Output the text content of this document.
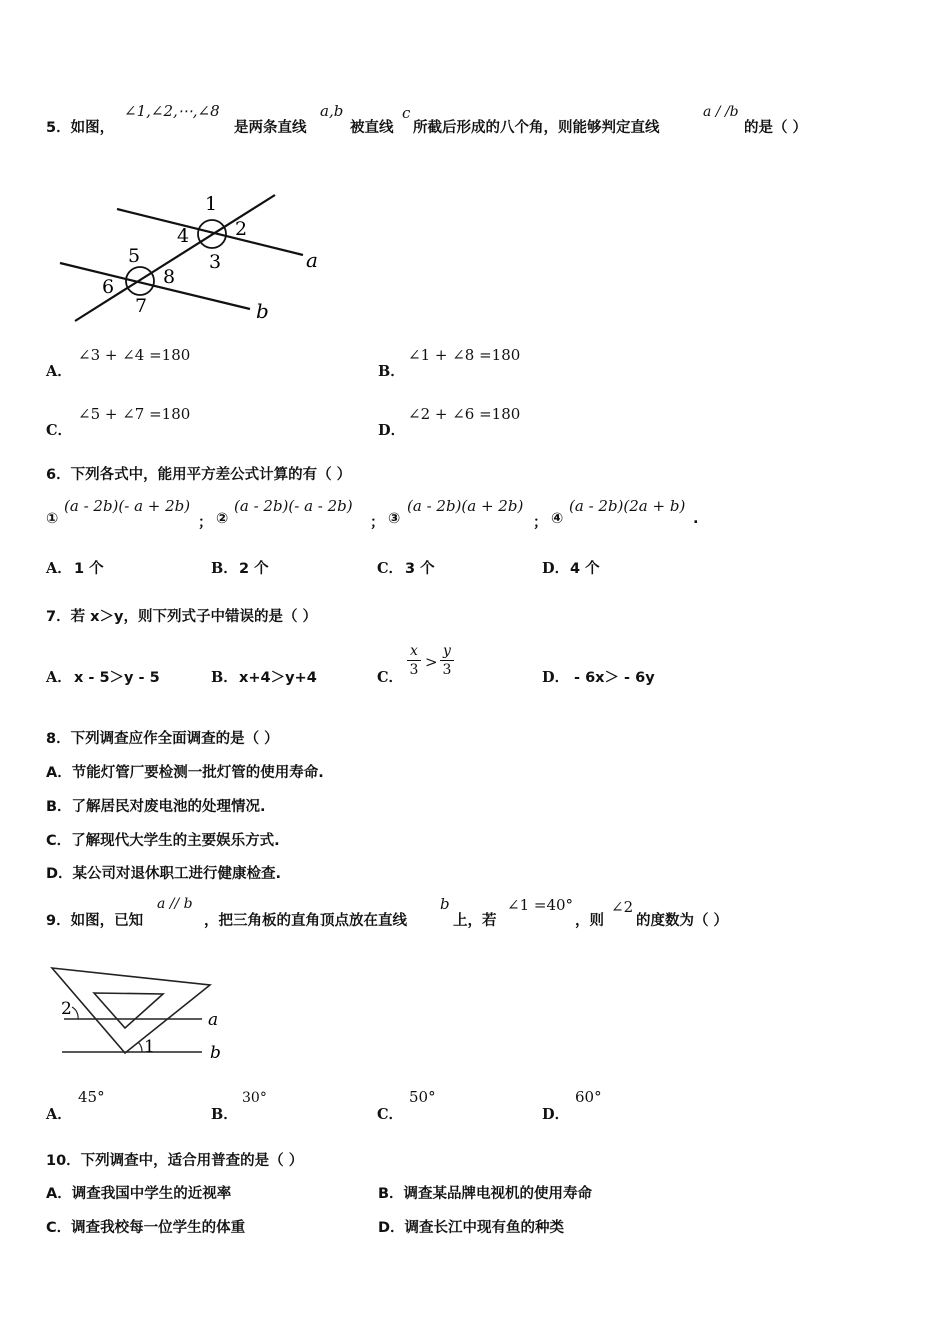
5．如图，
∠1,∠2,⋯,∠8
是两条直线
a,b
被直线
c
所截后形成的八个角，则能够判定直线
a / /b
的是（ ）
1
2
3
4
5
6
7
8
a
b
A．
∠3 + ∠4 =180
B．
∠1 + ∠8 =180
C．
∠5 + ∠7 =180
D．
∠2 + ∠6 =180
6．下列各式中，能用平方差公式计算的有（ ）
①
(a - 2b)(- a + 2b)
； ②
(a - 2b)(- a - 2b)
； ③
(a - 2b)(a + 2b)
； ④
(a - 2b)(2a + b)
.
A． 1 个	B． 2 个	C． 3 个	D． 4 个
7．若 x＞y，则下列式子中错误的是（ ）
A． x - 5＞y - 5	B． x+4＞y+4	C．
x
3 >
y
3	D． - 6x＞ - 6y
8．下列调查应作全面调查的是（ ）
A．节能灯管厂要检测一批灯管的使用寿命.
B．了解居民对废电池的处理情况.
C．了解现代大学生的主要娱乐方式.
D．某公司对退休职工进行健康检查.
9．如图，已知
a // b
，把三角板的直角顶点放在直线
b
上，若
∠1 =40°
，则
∠2
的度数为（ ）
2
1
a
b
A．
45°
B．
30°
C．
50°
D．
60°
10．下列调查中，适合用普查的是（ ）
A．调查我国中学生的近视率	B．调查某品牌电视机的使用寿命
C．调查我校每一位学生的体重	D．调查长江中现有鱼的种类
